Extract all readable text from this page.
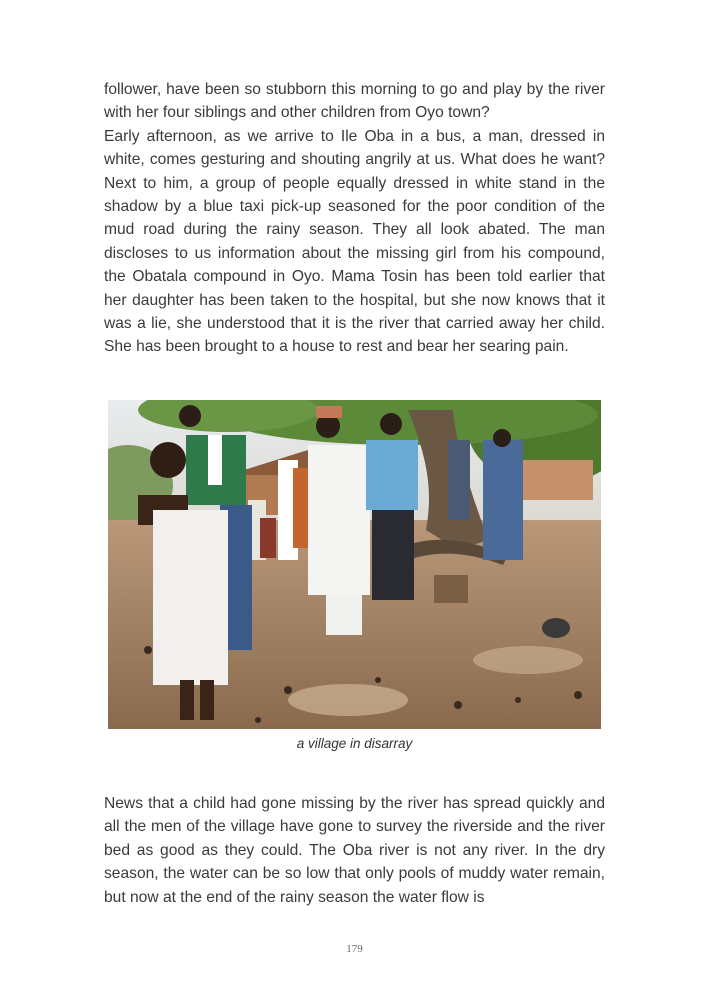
follower, have been so stubborn this morning to go and play by the river with her four siblings and other children from Oyo town?

Early afternoon, as we arrive to Ile Oba in a bus, a man, dressed in white, comes gesturing and shouting angrily at us. What does he want? Next to him, a group of people equally dressed in white stand in the shadow by a blue taxi pick-up seasoned for the poor condition of the mud road during the rainy season. They all look abated. The man discloses to us information about the missing girl from his compound, the Obatala compound in Oyo. Mama Tosin has been told earlier that her daughter has been taken to the hospital, but she now knows that it was a lie, she understood that it is the river that carried away her child. She has been brought to a house to rest and bear her searing pain.

a village in disarray

News that a child had gone missing by the river has spread quickly and all the men of the village have gone to survey the riverside and the river bed as good as they could. The Oba river is not any river. In the dry season, the water can be so low that only pools of muddy water remain, but now at the end of the rainy season the water flow is

179
